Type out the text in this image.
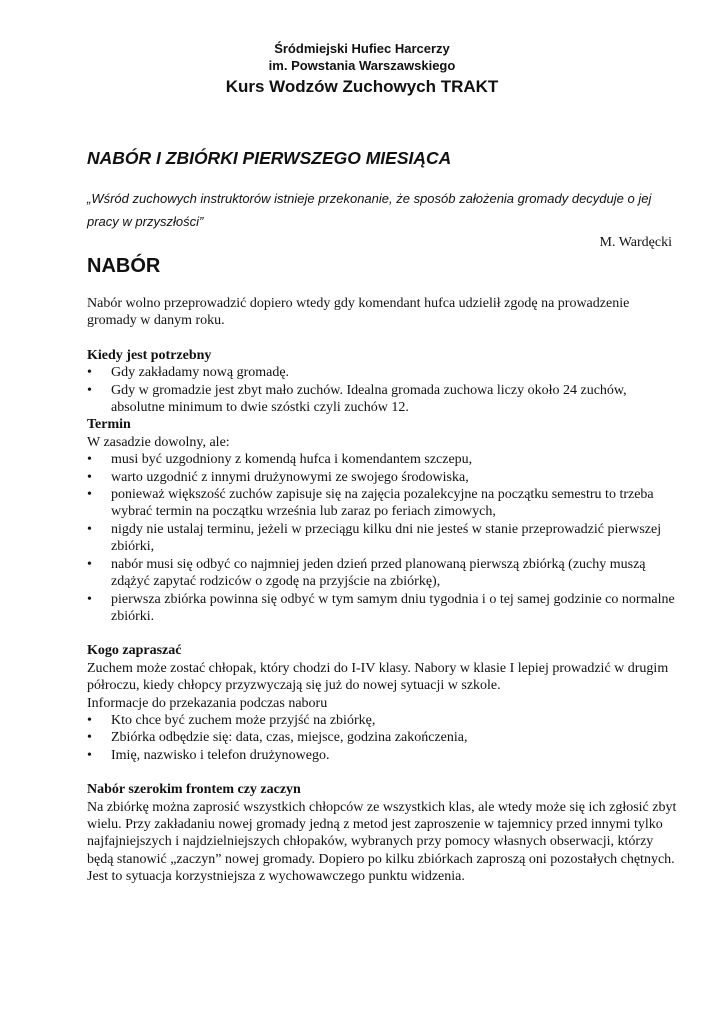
Śródmiejski Hufiec Harcerzy
im. Powstania Warszawskiego
Kurs Wodzów Zuchowych TRAKT
NABÓR I ZBIÓRKI PIERWSZEGO MIESIĄCA

„Wśród zuchowych instruktorów istnieje przekonanie, że sposób założenia gromady decyduje o jej pracy w przyszłości”

M. Wardęcki
NABÓR

Nabór wolno przeprowadzić dopiero wtedy gdy komendant hufca udzielił zgodę na prowadzenie gromady w danym roku.

Kiedy jest potrzebny
•	Gdy zakładamy nową gromadę.
•	Gdy w gromadzie jest zbyt mało zuchów. Idealna gromada zuchowa liczy około 24 zuchów, absolutne minimum to dwie szóstki czyli zuchów 12.
Termin

W zasadzie dowolny, ale:

•	musi być uzgodniony z komendą hufca i komendantem szczepu,
•	warto uzgodnić z innymi drużynowymi ze swojego środowiska,
•	ponieważ większość zuchów zapisuje się na zajęcia pozalekcyjne na początku semestru to trzeba wybrać termin na początku września lub zaraz po feriach zimowych,
•	nigdy nie ustalaj terminu, jeżeli w przeciągu kilku dni nie jesteś w stanie przeprowadzić pierwszej zbiórki,
•	nabór musi się odbyć co najmniej jeden dzień przed planowaną pierwszą zbiórką (zuchy muszą zdążyć zapytać rodziców o zgodę na przyjście na zbiórkę),
•	pierwsza zbiórka powinna się odbyć w tym samym dniu tygodnia i o tej samej godzinie co normalne zbiórki.
Kogo zapraszać

Zuchem może zostać chłopak, który chodzi do I-IV klasy. Nabory w klasie I lepiej prowadzić w drugim półroczu, kiedy chłopcy przyzwyczają się już do nowej sytuacji w szkole.

Informacje do przekazania podczas naboru

•	Kto chce być zuchem może przyjść na zbiórkę,
•	Zbiórka odbędzie się: data, czas, miejsce, godzina zakończenia,
•	Imię, nazwisko i telefon drużynowego.
Nabór szerokim frontem czy zaczyn

Na zbiórkę można zaprosić wszystkich chłopców ze wszystkich klas, ale wtedy może się ich zgłosić zbyt wielu. Przy zakładaniu nowej gromady jedną z metod jest zaproszenie w tajemnicy przed innymi tylko najfajniejszych i najdzielniejszych chłopaków, wybranych przy pomocy własnych obserwacji, którzy będą stanowić „zaczyn” nowej gromady. Dopiero po kilku zbiórkach zaproszą oni pozostałych chętnych. Jest to sytuacja korzystniejsza z wychowawczego punktu widzenia.
